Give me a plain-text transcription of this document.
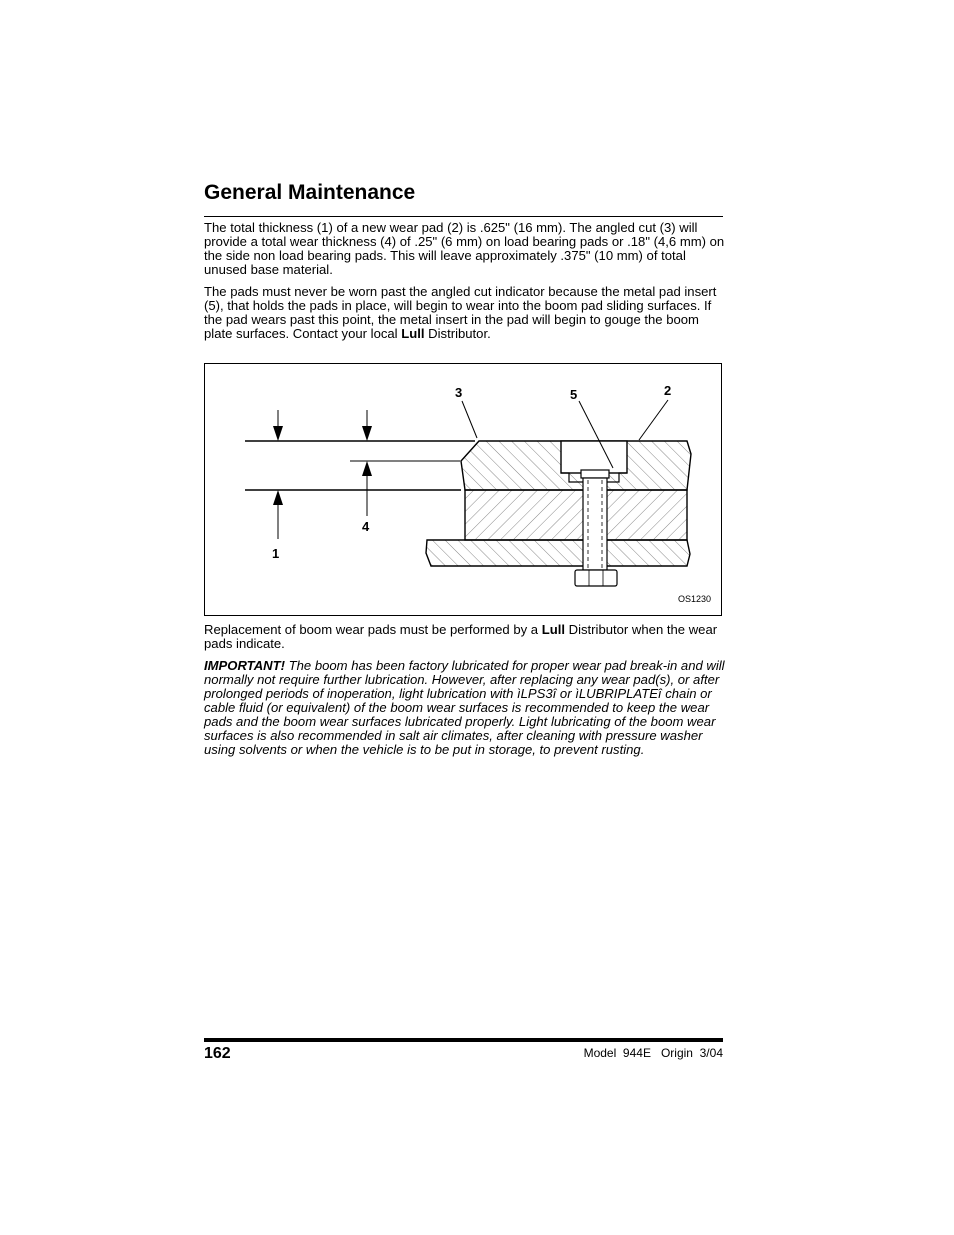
General Maintenance

The total thickness (1) of a new wear pad (2) is .625" (16 mm). The angled cut (3) will provide a total wear thickness (4) of .25" (6 mm) on load bearing pads or .18" (4,6 mm) on the side non load bearing pads. This will leave approximately .375" (10 mm) of total unused base material.

The pads must never be worn past the angled cut indicator because the metal pad insert (5), that holds the pads in place, will begin to wear into the boom pad sliding surfaces. If the pad wears past this point, the metal insert in the pad will begin to gouge the boom plate surfaces. Contact your local Lull Distributor.

3	5	2
4
1
OS1230

Replacement of boom wear pads must be performed by a Lull Distributor when the wear pads indicate.

IMPORTANT! The boom has been factory lubricated for proper wear pad break-in and will normally not require further lubrication. However, after replacing any wear pad(s), or after prolonged periods of inoperation, light lubrication with ìLPS3î or ìLUBRIPLATEî chain or cable fluid (or equivalent) of the boom wear surfaces is recommended to keep the wear pads and the boom wear surfaces lubricated properly. Light lubricating of the boom wear surfaces is also recommended in salt air climates, after cleaning with pressure washer using solvents or when the vehicle is to be put in storage, to prevent rusting.

162	Model  944E   Origin  3/04
